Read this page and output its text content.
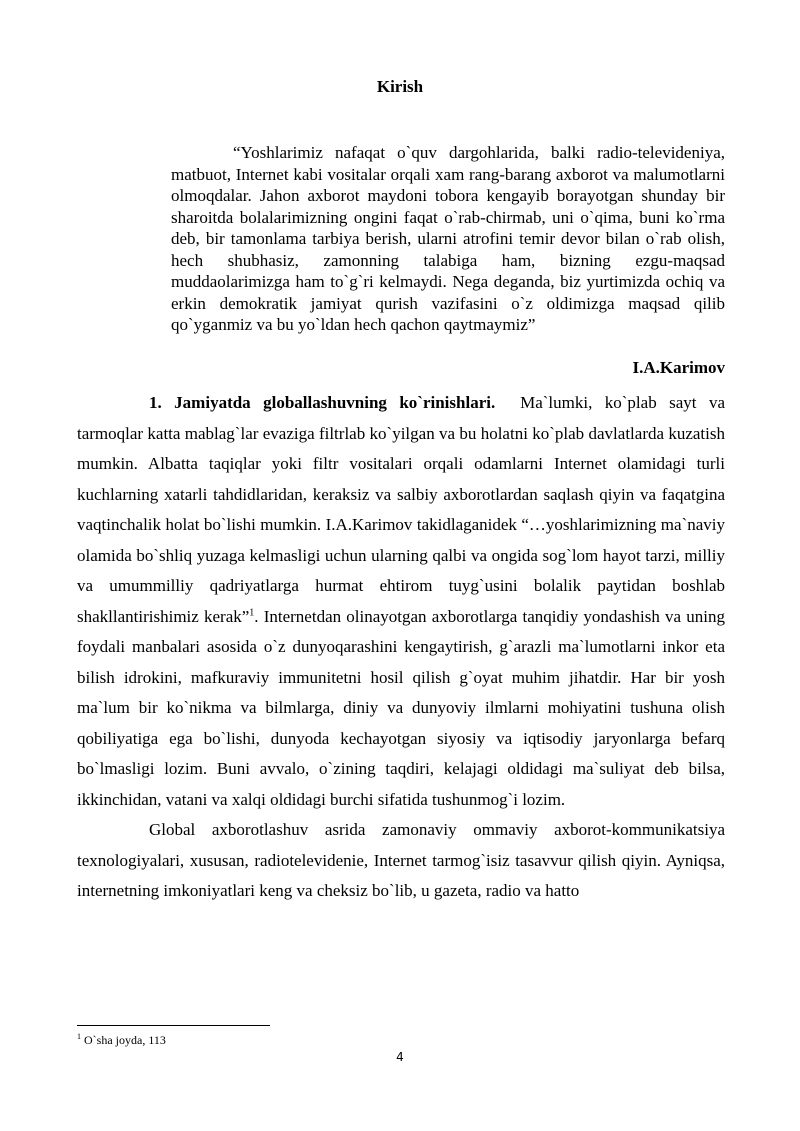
Kirish
“Yoshlarimiz nafaqat o`quv dargohlarida, balki radio-televideniya, matbuot, Internet kabi vositalar orqali xam rang-barang axborot va malumotlarni olmoqdalar. Jahon axborot maydoni tobora kengayib borayotgan shunday bir sharoitda bolalarimizning ongini faqat o`rab-chirmab, uni o`qima, buni ko`rma deb, bir tamonlama tarbiya berish, ularni atrofini temir devor bilan o`rab olish, hech shubhasiz, zamonning talabiga ham, bizning ezgu-maqsad muddaolarimizga ham to`g`ri kelmaydi. Nega deganda, biz yurtimizda ochiq va erkin demokratik jamiyat qurish vazifasini o`z oldimizga maqsad qilib qo`yganmiz va bu yo`ldan hech qachon qaytmaymiz”
I.A.Karimov

1. Jamiyatda globallashuvning ko`rinishlari. Ma`lumki, ko`plab sayt va tarmoqlar katta mablag`lar evaziga filtrlab ko`yilgan va bu holatni ko`plab davlatlarda kuzatish mumkin. Albatta taqiqlar yoki filtr vositalari orqali odamlarni Internet olamidagi turli kuchlarning xatarli tahdidlaridan, keraksiz va salbiy axborotlardan saqlash qiyin va faqatgina vaqtinchalik holat bo`lishi mumkin. I.A.Karimov takidlaganidek “…yoshlarimizning ma`naviy olamida bo`shliq yuzaga kelmasligi uchun ularning qalbi va ongida sog`lom hayot tarzi, milliy va umummilliy qadriyatlarga hurmat ehtirom tuyg`usini bolalik paytidan boshlab shakllantirishimiz kerak”$^1$. Internetdan olinayotgan axborotlarga tanqidiy yondashish va uning foydali manbalari asosida o`z dunyoqarashini kengaytirish, g`arazli ma`lumotlarni inkor eta bilish idrokini, mafkuraviy immunitetni hosil qilish g`oyat muhim jihatdir. Har bir yosh ma`lum bir ko`nikma va bilmlarga, diniy va dunyoviy ilmlarni mohiyatini tushuna olish qobiliyatiga ega bo`lishi, dunyoda kechayotgan siyosiy va iqtisodiy jaryonlarga befarq bo`lmasligi lozim. Buni avvalo, o`zining taqdiri, kelajagi oldidagi ma`suliyat deb bilsa, ikkinchidan, vatani va xalqi oldidagi burchi sifatida tushunmog`i lozim.

Global axborotlashuv asrida zamonaviy ommaviy axborot-kommunikatsiya texnologiyalari, xususan, radiotelevidenie, Internet tarmog`isiz tasavvur qilish qiyin. Ayniqsa, internetning imkoniyatlari keng va cheksiz bo`lib, u gazeta, radio va hatto

$^1$ O`sha joyda, 113
4
